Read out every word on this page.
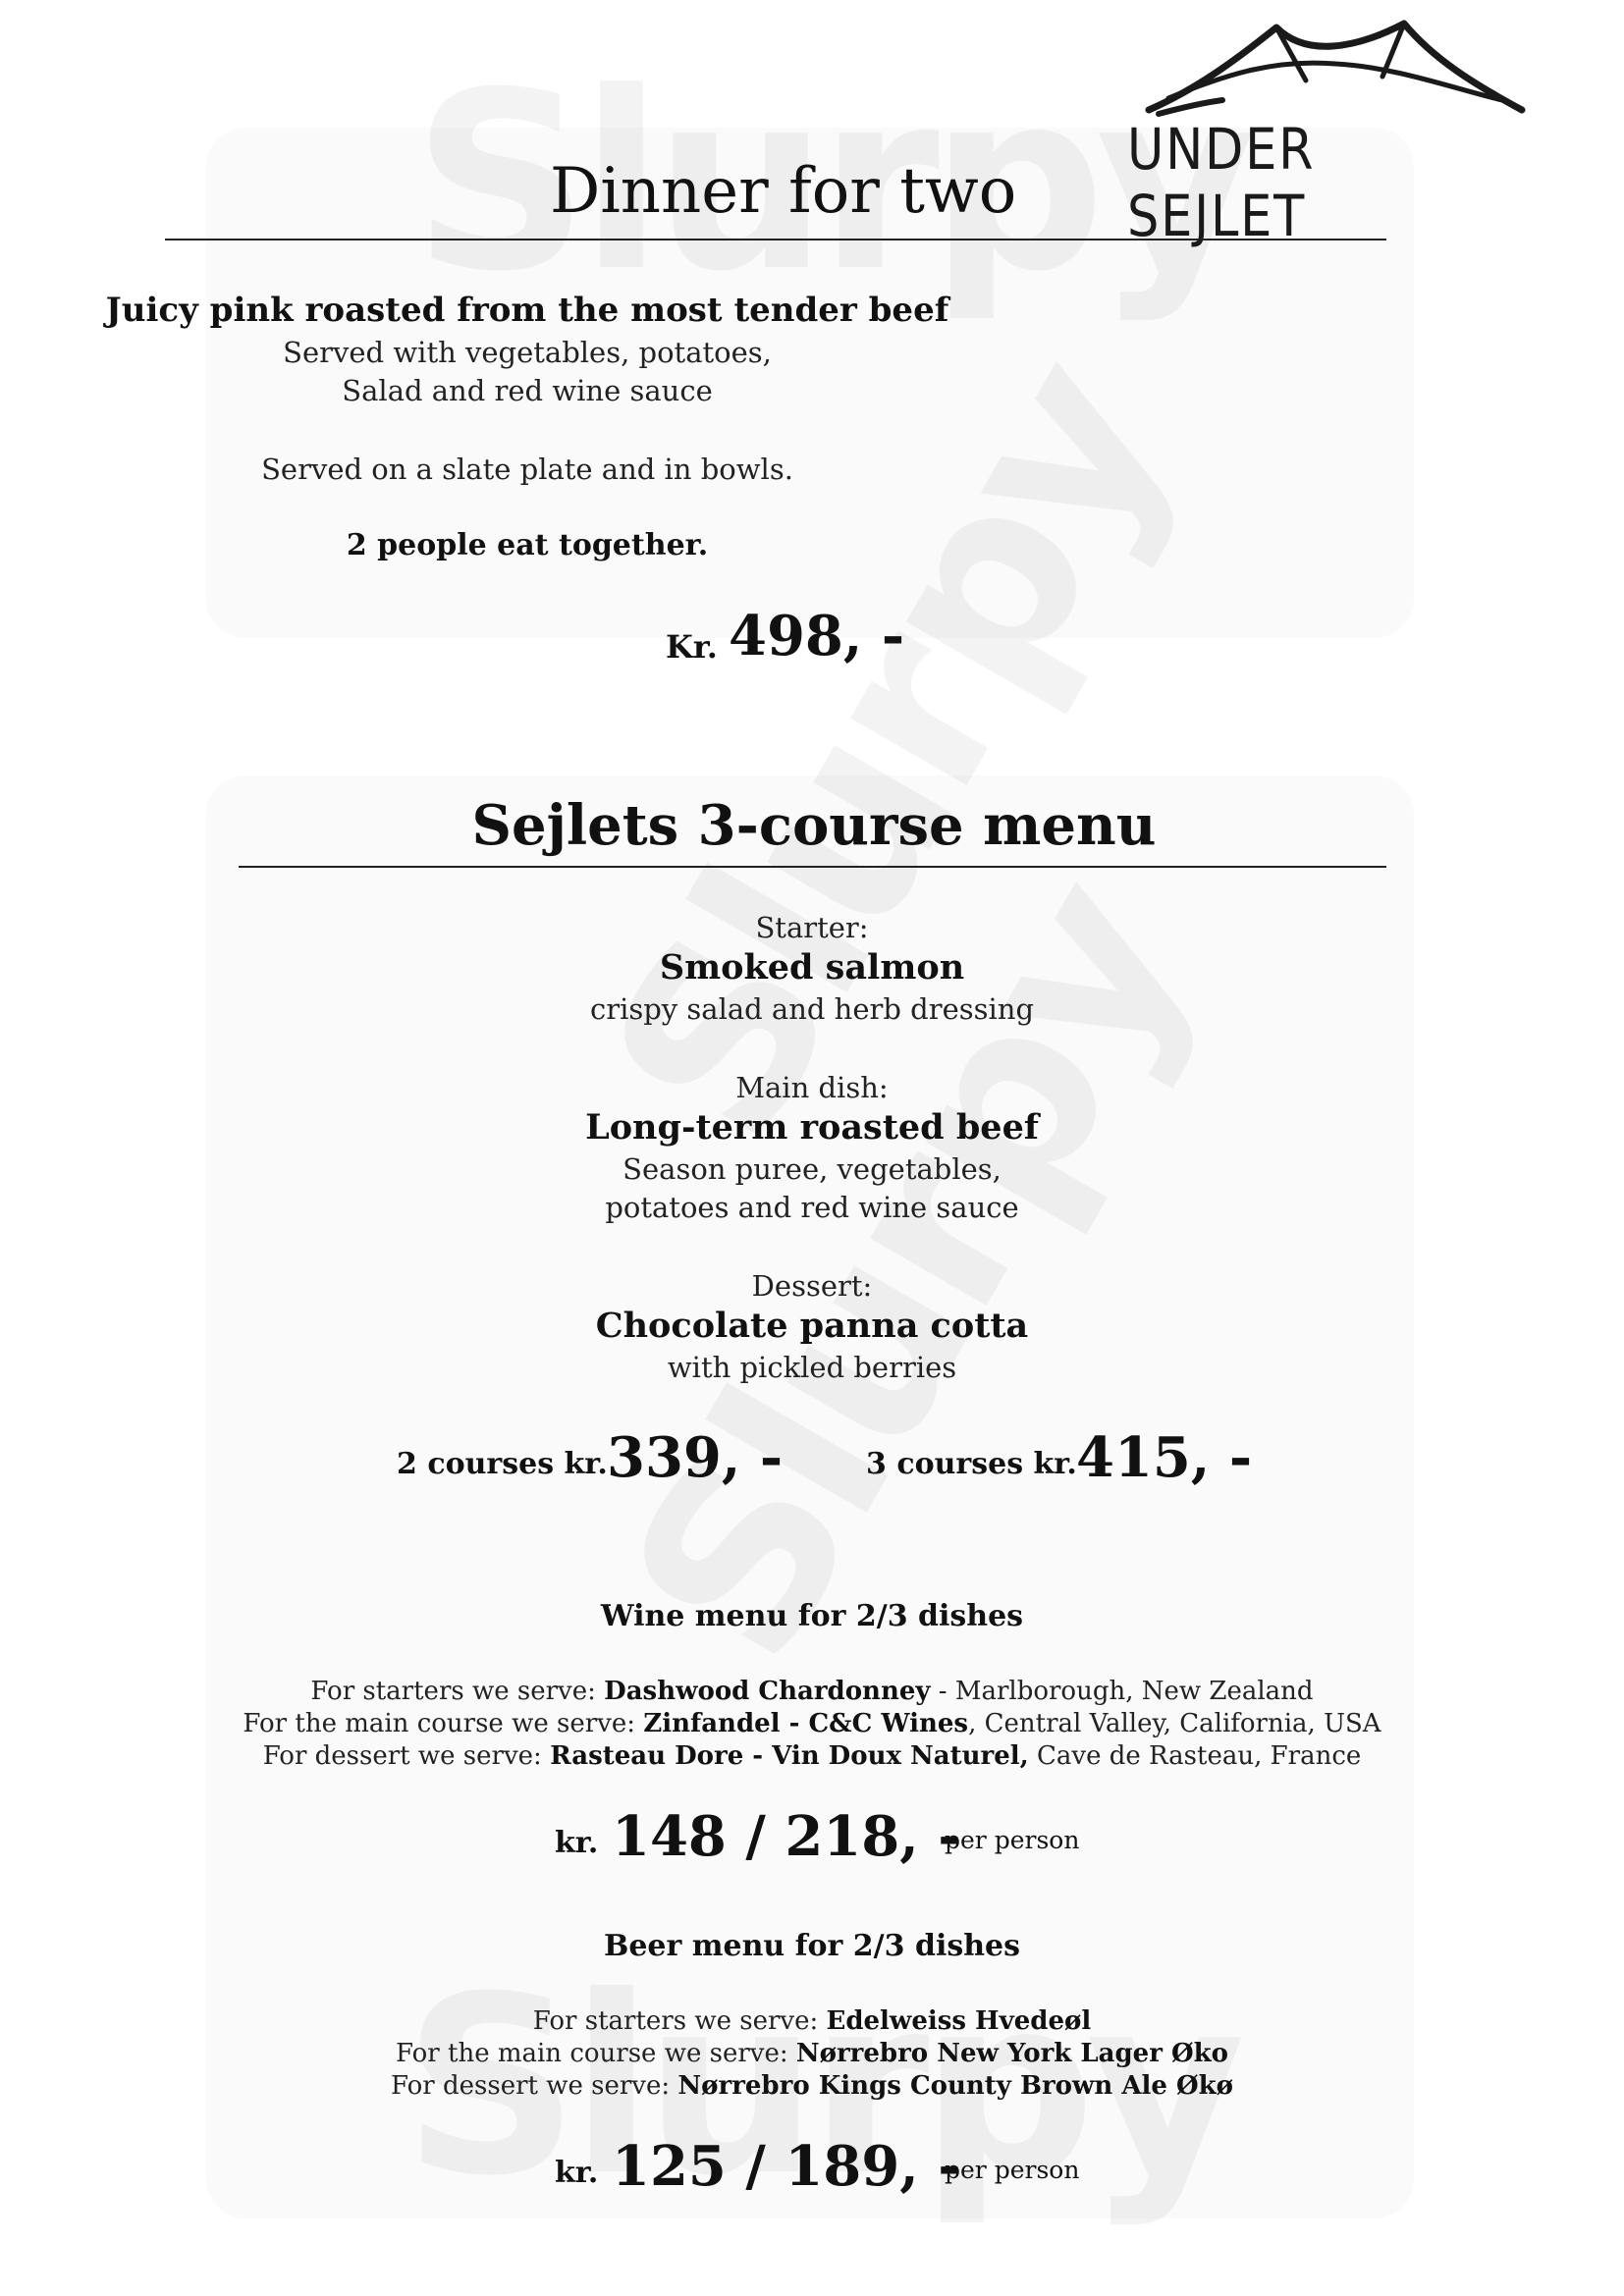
UNDER SEJLET
Dinner for two
Juicy pink roasted from the most tender beef
Served with vegetables, potatoes,
Salad and red wine sauce
Served on a slate plate and in bowls.
2 people eat together.
Kr. 498, -
Sejlets 3-course menu
Starter:
Smoked salmon
crispy salad and herb dressing
Main dish:
Long-term roasted beef
Season puree, vegetables,
potatoes and red wine sauce
Dessert:
Chocolate panna cotta
with pickled berries
2 courses kr. 339, -	3 courses kr. 415, -
Wine menu for 2/3 dishes
For starters we serve: Dashwood Chardonney - Marlborough, New Zealand
For the main course we serve: Zinfandel - C&C Wines, Central Valley, California, USA
For dessert we serve: Rasteau Dore - Vin Doux Naturel, Cave de Rasteau, France
kr. 148 / 218, -
per person
Beer menu for 2/3 dishes
For starters we serve: Edelweiss Hvedeøl
For the main course we serve: Nørrebro New York Lager Øko
For dessert we serve: Nørrebro Kings County Brown Ale Økø
kr. 125 / 189, -
per person
